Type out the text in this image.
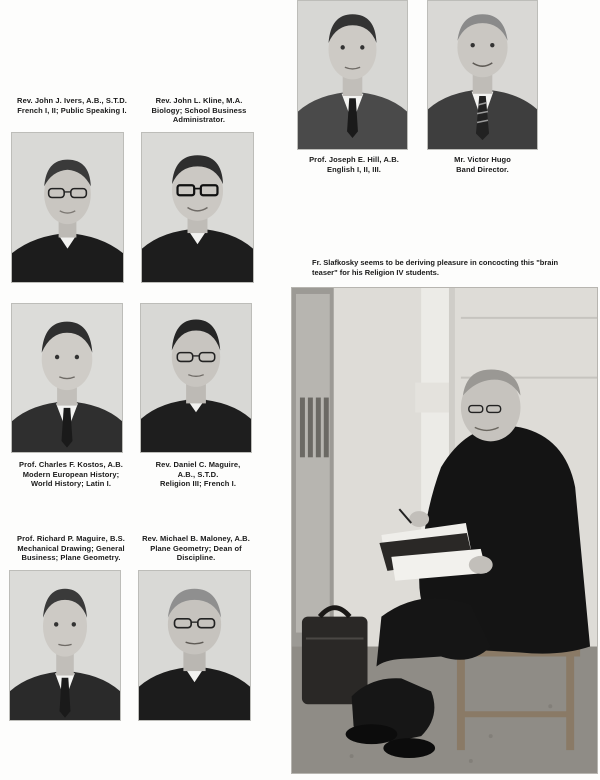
Rev. John J. Ivers, A.B., S.T.D.
French I, II; Public Speaking I.
Rev. John L. Kline, M.A.
Biology; School Business
Administrator.
Prof. Joseph E. Hill, A.B.
English I, II, III.
Mr. Victor Hugo
Band Director.
Prof. Charles F. Kostos, A.B.
Modern European History;
World History; Latin I.
Rev. Daniel C. Maguire,
A.B., S.T.D.
Religion III; French I.
Prof. Richard P. Maguire, B.S.
Mechanical Drawing; General
Business; Plane Geometry.
Rev. Michael B. Maloney, A.B.
Plane Geometry; Dean of
Discipline.
Fr. Slafkosky seems to be deriving pleasure in concocting this "brain
teaser" for his Religion IV students.
